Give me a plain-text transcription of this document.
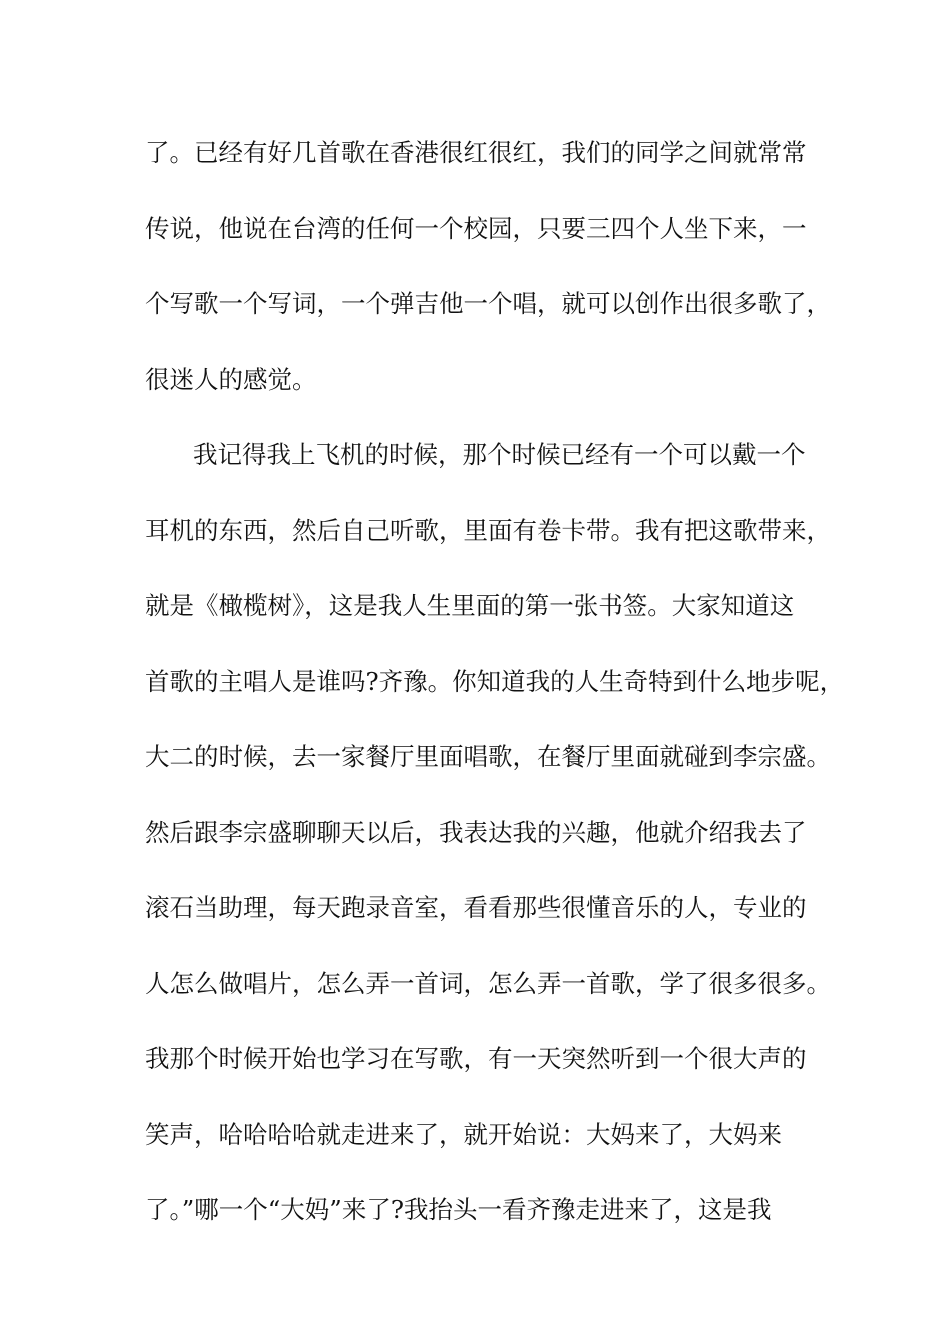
了。已经有好几首歌在香港很红很红，我们的同学之间就常常
传说，他说在台湾的任何一个校园，只要三四个人坐下来，一
个写歌一个写词，一个弹吉他一个唱，就可以创作出很多歌了，
很迷人的感觉。
我记得我上飞机的时候，那个时候已经有一个可以戴一个
耳机的东西，然后自己听歌，里面有卷卡带。我有把这歌带来，
就是《橄榄树》，这是我人生里面的第一张书签。大家知道这
首歌的主唱人是谁吗?齐豫。你知道我的人生奇特到什么地步呢，
大二的时候，去一家餐厅里面唱歌，在餐厅里面就碰到李宗盛。
然后跟李宗盛聊聊天以后，我表达我的兴趣，他就介绍我去了
滚石当助理，每天跑录音室，看看那些很懂音乐的人，专业的
人怎么做唱片，怎么弄一首词，怎么弄一首歌，学了很多很多。
我那个时候开始也学习在写歌，有一天突然听到一个很大声的
笑声，哈哈哈哈就走进来了，就开始说：大妈来了，大妈来
了。”哪一个“大妈”来了?我抬头一看齐豫走进来了，这是我
